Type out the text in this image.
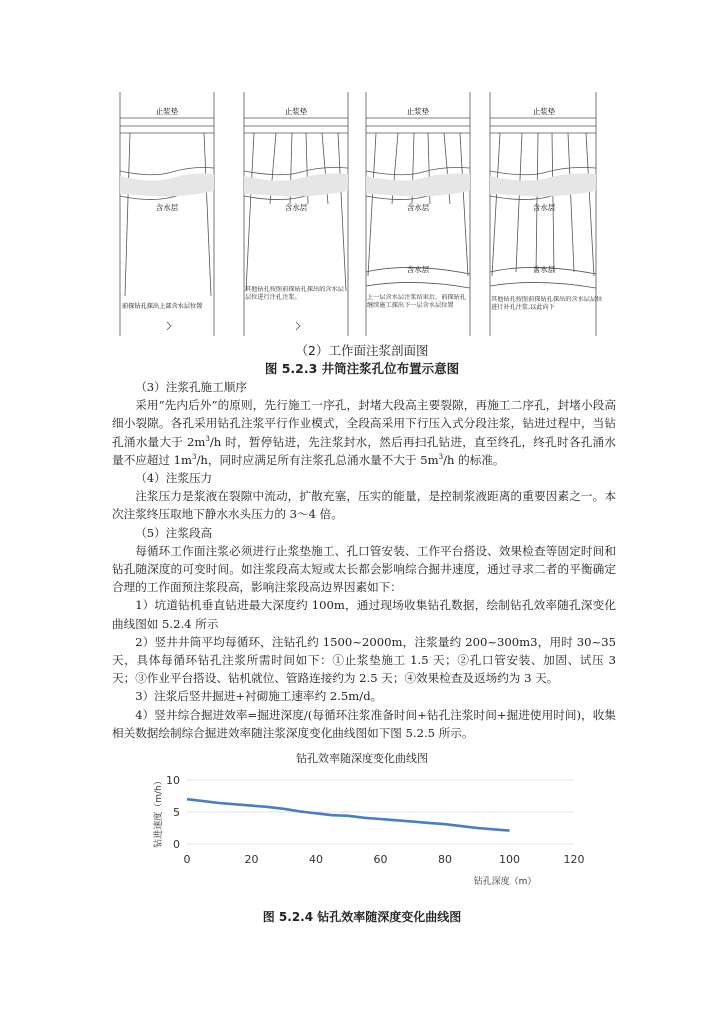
止浆垫
含水层
前探钻孔探出上部含水层位置
止浆垫
含水层
其他钻孔按照前探钻孔探出的含水层层位进行注孔注浆。
止浆垫
含水层
含水层
上一层含水层注浆结束后，前探钻孔继续施工探出下一层含水层位置
止浆垫
含水层
含水层
其他钻孔按照前探钻孔探出的含水层层位进行补孔注浆,以此向下
（2）工作面注浆剖面图
图 5.2.3 井筒注浆孔位布置示意图

（3）注浆孔施工顺序

采用“先内后外”的原则，先行施工一序孔，封堵大段高主要裂隙，再施工二序孔，封堵小段高细小裂隙。各孔采用钻孔注浆平行作业模式，全段高采用下行压入式分段注浆，钻进过程中，当钻孔涌水量大于 $2m^3/h$ 时，暂停钻进，先注浆封水，然后再扫孔钻进，直至终孔，终孔时各孔涌水量不应超过 $1m^3/h$，同时应满足所有注浆孔总涌水量不大于 $5m^3/h$ 的标准。

（4）注浆压力

注浆压力是浆液在裂隙中流动，扩散充塞，压实的能量，是控制浆液距离的重要因素之一。本次注浆终压取地下静水水头压力的 3～4 倍。

（5）注浆段高

每循环工作面注浆必须进行止浆垫施工、孔口管安装、工作平台搭设、效果检查等固定时间和钻孔随深度的可变时间。如注浆段高太短或太长都会影响综合掘井速度，通过寻求二者的平衡确定合理的工作面预注浆段高，影响注浆段高边界因素如下：

1）坑道钻机垂直钻进最大深度约 100m，通过现场收集钻孔数据，绘制钻孔效率随孔深变化曲线图如 5.2.4 所示

2）竖井井筒平均每循环，注钻孔约 1500~2000m，注浆量约 200~300m3，用时 30~35 天，具体每循环钻孔注浆所需时间如下：①止浆垫施工 1.5 天；②孔口管安装、加固、试压 3 天；③作业平台搭设、钻机就位、管路连接约为 2.5 天；④效果检查及返场约为 3 天。

3）注浆后竖井掘进+衬砌施工速率约 2.5m/d。

4）竖井综合掘进效率=掘进深度/(每循环注浆准备时间+钻孔注浆时间+掘进使用时间)，收集相关数据绘制综合掘进效率随注浆深度变化曲线图如下图 5.2.5 所示。

钻孔效率随深度变化曲线图
0
5
10
0	20	40	60	80	100	120
钻孔深度（m）
钻进速度（m/h）
图 5.2.4 钻孔效率随深度变化曲线图
